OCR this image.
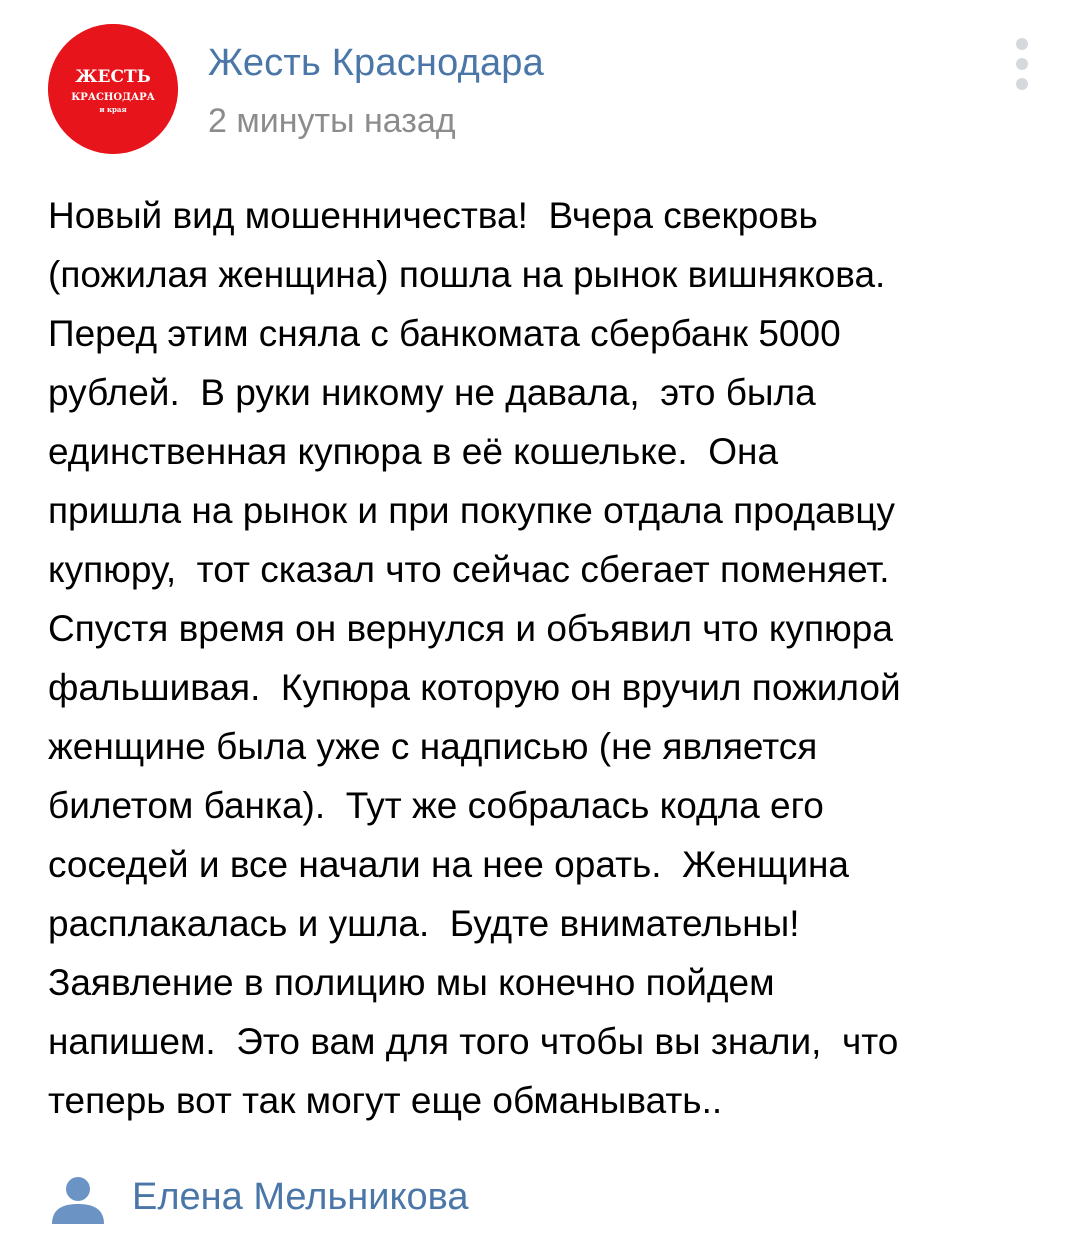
ЖЕСТЬ
КРАСНОДАРА
и края
Жесть Краснодара
2 минуты назад
Новый вид мошенничества!  Вчера свекровь
(пожилая женщина) пошла на рынок вишнякова.
Перед этим сняла с банкомата сбербанк 5000
рублей.  В руки никому не давала,  это была
единственная купюра в её кошельке.  Она
пришла на рынок и при покупке отдала продавцу
купюру,  тот сказал что сейчас сбегает поменяет.
Спустя время он вернулся и объявил что купюра
фальшивая.  Купюра которую он вручил пожилой
женщине была уже с надписью (не является
билетом банка).  Тут же собралась кодла его
соседей и все начали на нее орать.  Женщина
расплакалась и ушла.  Будте внимательны!
Заявление в полицию мы конечно пойдем
напишем.  Это вам для того чтобы вы знали,  что
теперь вот так могут еще обманывать..
Елена Мельникова
